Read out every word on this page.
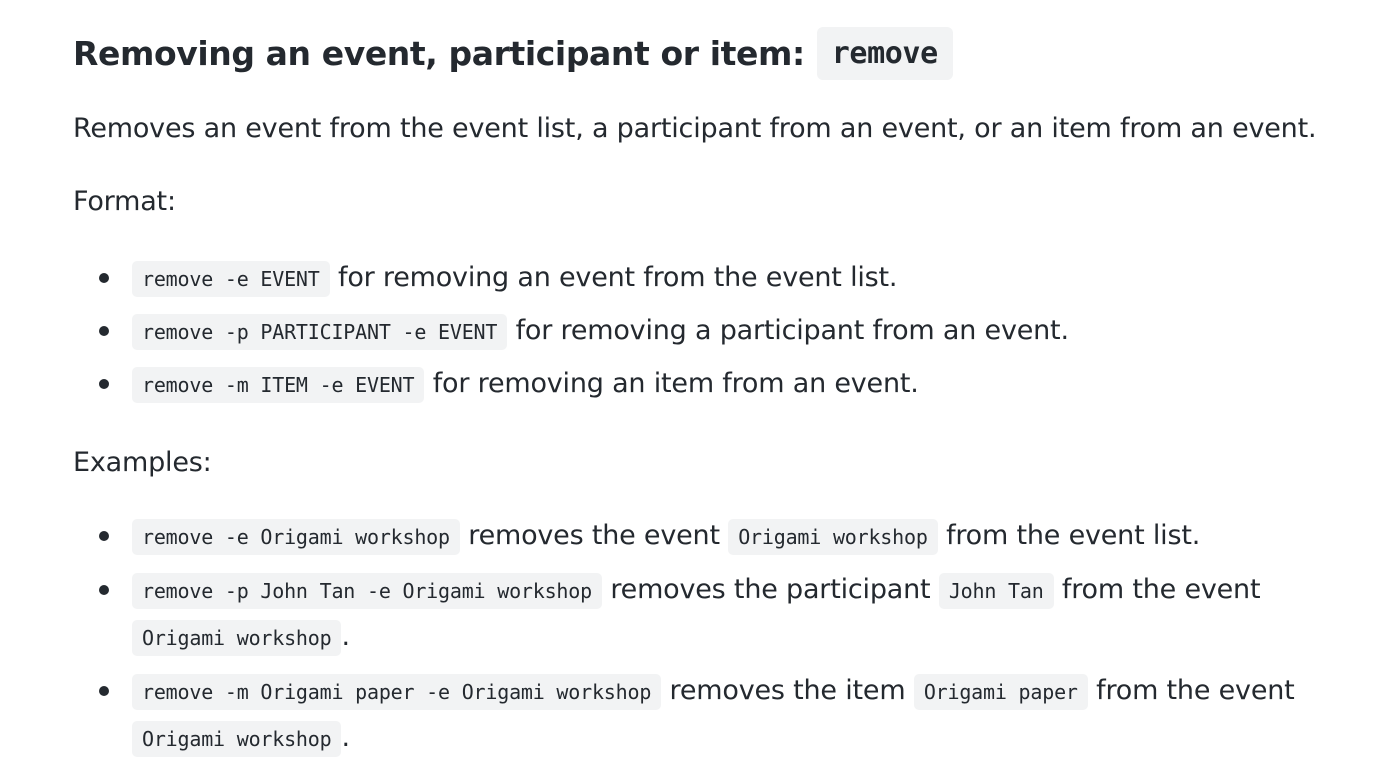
Removing an event, participant or item: remove

Removes an event from the event list, a participant from an event, or an item from an event.

Format:

remove -e EVENT for removing an event from the event list.
remove -p PARTICIPANT -e EVENT for removing a participant from an event.
remove -m ITEM -e EVENT for removing an item from an event.

Examples:

remove -e Origami workshop removes the event Origami workshop from the event list.
remove -p John Tan -e Origami workshop removes the participant John Tan from the event Origami workshop .
remove -m Origami paper -e Origami workshop removes the item Origami paper from the event Origami workshop .
